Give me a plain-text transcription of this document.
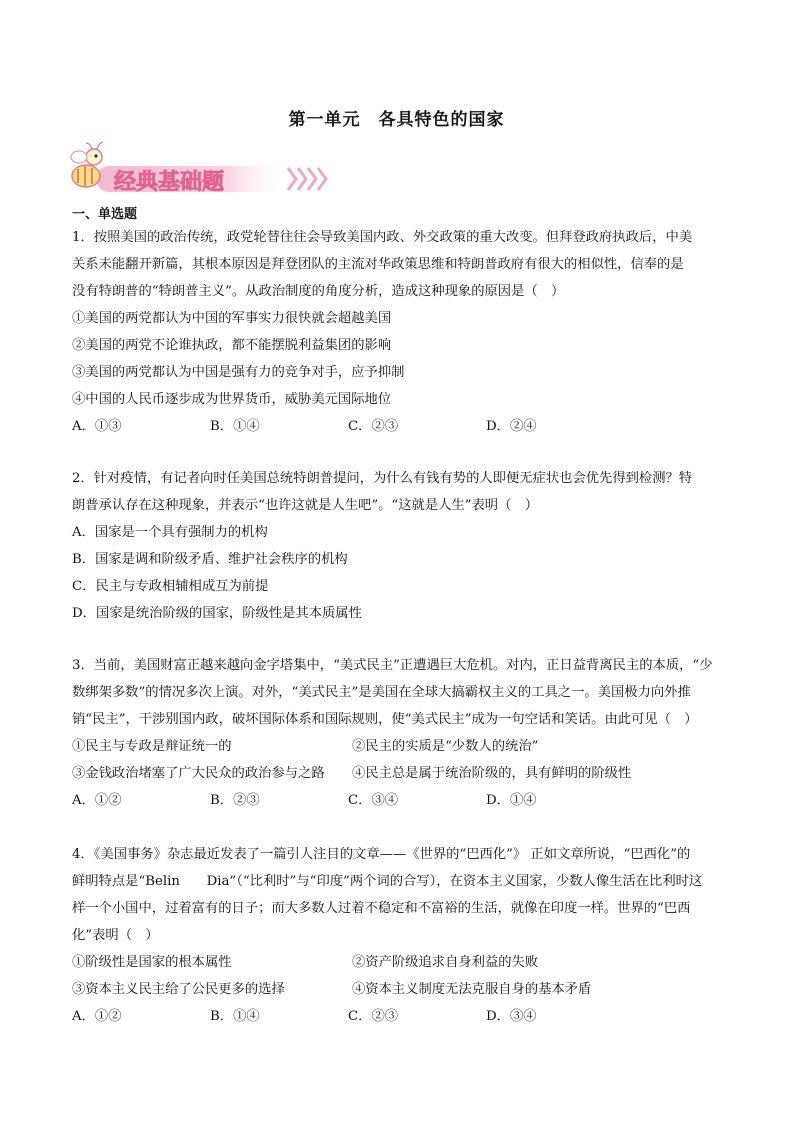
第一单元　各具特色的国家
经典基础题
一、单选题
1．按照美国的政治传统，政党轮替往往会导致美国内政、外交政策的重大改变。但拜登政府执政后，中美
关系未能翻开新篇，其根本原因是拜登团队的主流对华政策思维和特朗普政府有很大的相似性，信奉的是
没有特朗普的“特朗普主义”。从政治制度的角度分析，造成这种现象的原因是（　）
①美国的两党都认为中国的军事实力很快就会超越美国
②美国的两党不论谁执政，都不能摆脱利益集团的影响
③美国的两党都认为中国是强有力的竞争对手，应予抑制
④中国的人民币逐步成为世界货币，威胁美元国际地位
A．①③	B．①④	C．②③	D．②④
2．针对疫情，有记者向时任美国总统特朗普提问，为什么有钱有势的人即便无症状也会优先得到检测？特
朗普承认存在这种现象，并表示“也许这就是人生吧”。“这就是人生”表明（　）
A．国家是一个具有强制力的机构
B．国家是调和阶级矛盾、维护社会秩序的机构
C．民主与专政相辅相成互为前提
D．国家是统治阶级的国家，阶级性是其本质属性
3．当前，美国财富正越来越向金字塔集中，“美式民主”正遭遇巨大危机。对内，正日益背离民主的本质，“少
数绑架多数”的情况多次上演。对外，“美式民主”是美国在全球大搞霸权主义的工具之一。美国极力向外推
销“民主”，干涉别国内政，破坏国际体系和国际规则，使“美式民主”成为一句空话和笑话。由此可见（　）
①民主与专政是辩证统一的	②民主的实质是“少数人的统治”
③金钱政治堵塞了广大民众的政治参与之路	④民主总是属于统治阶级的，具有鲜明的阶级性
A．①②	B．②③	C．③④	D．①④
4．《美国事务》杂志最近发表了一篇引人注目的文章——《世界的“巴西化”》 正如文章所说，“巴西化”的
鲜明特点是“Belin　　Dia”（“比利时”与“印度”两个词的合写），在资本主义国家，少数人像生活在比利时这
样一个小国中，过着富有的日子；而大多数人过着不稳定和不富裕的生活，就像在印度一样。世界的“巴西
化”表明（　）
①阶级性是国家的根本属性	②资产阶级追求自身利益的失败
③资本主义民主给了公民更多的选择	④资本主义制度无法克服自身的基本矛盾
A．①②	B．①④	C．②③	D．③④
